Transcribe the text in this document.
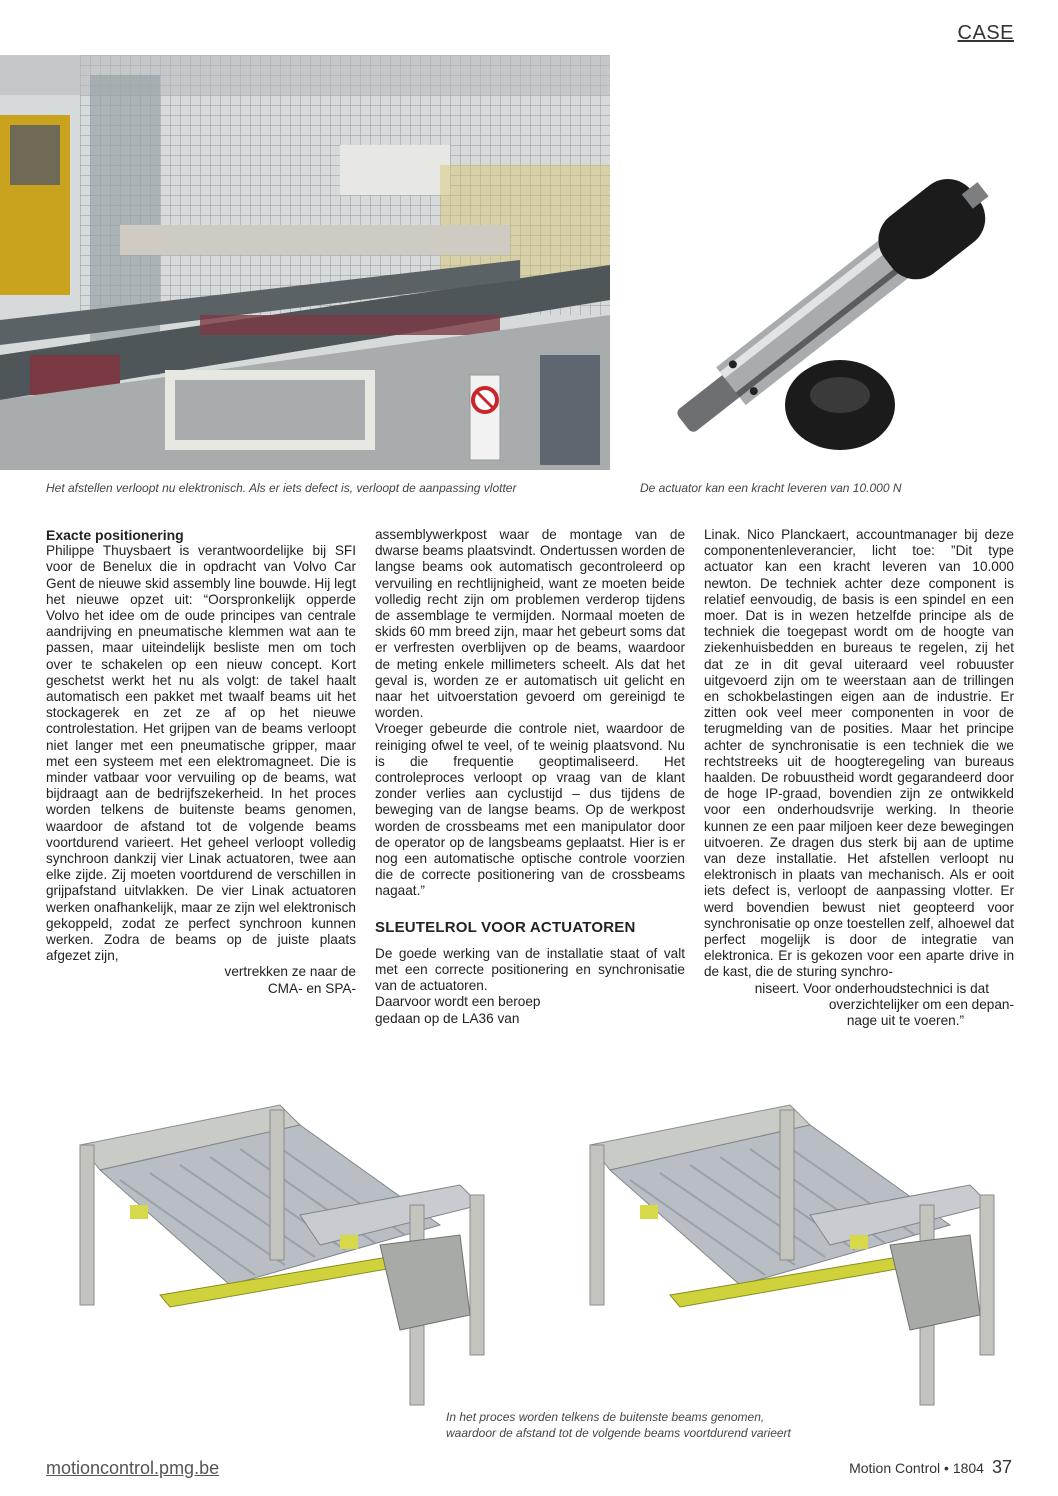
CASE
Het afstellen verloopt nu elektronisch. Als er iets defect is, verloopt de aanpassing vlotter	De actuator kan een kracht leveren van 10.000 N

Exacte positionering

Philippe Thuysbaert is verantwoordelijke bij SFI voor de Benelux die in opdracht van Volvo Car Gent de nieuwe skid assembly line bouwde. Hij legt het nieuwe opzet uit: “Oorspronkelijk opperde Volvo het idee om de oude principes van centrale aandrijving en pneumatische klemmen wat aan te passen, maar uiteindelijk besliste men om toch over te schakelen op een nieuw concept. Kort geschetst werkt het nu als volgt: de takel haalt automatisch een pakket met twaalf beams uit het stockagerek en zet ze af op het nieuwe controlestation. Het grijpen van de beams verloopt niet langer met een pneumatische gripper, maar met een systeem met een elektromagneet. Die is minder vatbaar voor vervuiling op de beams, wat bijdraagt aan de bedrijfszekerheid. In het proces worden telkens de buitenste beams genomen, waardoor de afstand tot de volgende beams voortdurend varieert. Het geheel verloopt volledig synchroon dankzij vier Linak actuatoren, twee aan elke zijde. Zij moeten voortdurend de verschillen in grijpafstand uitvlakken. De vier Linak actuatoren werken onafhankelijk, maar ze zijn wel elektronisch gekoppeld, zodat ze perfect synchroon kunnen werken. Zodra de beams op de juiste plaats afgezet zijn,

vertrekken ze naar de

CMA- en SPA-

assemblywerkpost waar de montage van de dwarse beams plaatsvindt. Ondertussen worden de langse beams ook automatisch gecontroleerd op vervuiling en rechtlijnigheid, want ze moeten beide volledig recht zijn om problemen verderop tijdens de assemblage te vermijden. Normaal moeten de skids 60 mm breed zijn, maar het gebeurt soms dat er verfresten overblijven op de beams, waardoor de meting enkele millimeters scheelt. Als dat het geval is, worden ze er automatisch uit gelicht en naar het uitvoerstation gevoerd om gereinigd te worden.

Vroeger gebeurde die controle niet, waardoor de reiniging ofwel te veel, of te weinig plaatsvond. Nu is die frequentie geoptimaliseerd. Het controleproces verloopt op vraag van de klant zonder verlies aan cyclustijd – dus tijdens de beweging van de langse beams. Op de werkpost worden de crossbeams met een manipulator door de operator op de langsbeams geplaatst. Hier is er nog een automatische optische controle voorzien die de correcte positionering van de crossbeams nagaat.”

SLEUTELROL VOOR ACTUATOREN

De goede werking van de installatie staat of valt met een correcte positionering en synchronisatie van de actuatoren.

Daarvoor wordt een beroep

gedaan op de LA36 van

Linak. Nico Planckaert, accountmanager bij deze componentenleverancier, licht toe: ”Dit type actuator kan een kracht leveren van 10.000 newton. De techniek achter deze component is relatief eenvoudig, de basis is een spindel en een moer. Dat is in wezen hetzelfde principe als de techniek die toegepast wordt om de hoogte van ziekenhuisbedden en bureaus te regelen, zij het dat ze in dit geval uiteraard veel robuuster uitgevoerd zijn om te weerstaan aan de trillingen en schokbelastingen eigen aan de industrie. Er zitten ook veel meer componenten in voor de terugmelding van de posities. Maar het principe achter de synchronisatie is een techniek die we rechtstreeks uit de hoogteregeling van bureaus haalden. De robuustheid wordt gegarandeerd door de hoge IP-graad, bovendien zijn ze ontwikkeld voor een onderhoudsvrije werking. In theorie kunnen ze een paar miljoen keer deze bewegingen uitvoeren. Ze dragen dus sterk bij aan de uptime van deze installatie. Het afstellen verloopt nu elektronisch in plaats van mechanisch. Als er ooit iets defect is, verloopt de aanpassing vlotter. Er werd bovendien bewust niet geopteerd voor synchronisatie op onze toestellen zelf, alhoewel dat perfect mogelijk is door de integratie van elektronica. Er is gekozen voor een aparte drive in de kast, die de sturing synchro-

niseert. Voor onderhoudstechnici is dat

overzichtelijker om een depan-

nage uit te voeren.”

In het proces worden telkens de buitenste beams genomen,
waardoor de afstand tot de volgende beams voortdurend varieert
motioncontrol.pmg.be	Motion Control • 1804 37
